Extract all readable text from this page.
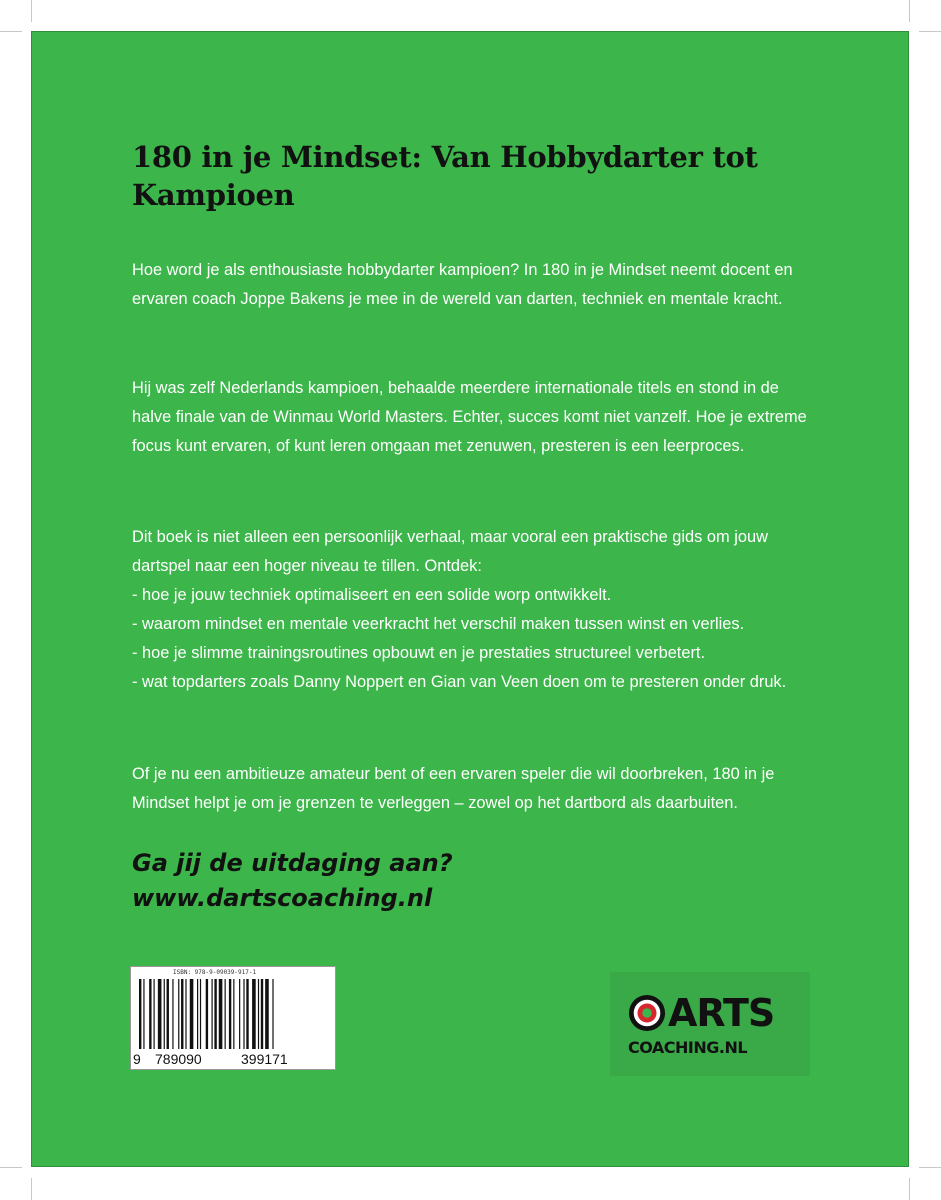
180 in je Mindset: Van Hobbydarter tot Kampioen

Hoe word je als enthousiaste hobbydarter kampioen? In 180 in je Mindset neemt docent en ervaren coach Joppe Bakens je mee in de wereld van darten, techniek en mentale kracht.

Hij was zelf Nederlands kampioen, behaalde meerdere internationale titels en stond in de halve finale van de Winmau World Masters. Echter, succes komt niet vanzelf. Hoe je extreme focus kunt ervaren, of kunt leren omgaan met zenuwen, presteren is een leerproces.

Dit boek is niet alleen een persoonlijk verhaal, maar vooral een praktische gids om jouw dartspel naar een hoger niveau te tillen. Ontdek:
- hoe je jouw techniek optimaliseert en een solide worp ontwikkelt.
- waarom mindset en mentale veerkracht het verschil maken tussen winst en verlies.
- hoe je slimme trainingsroutines opbouwt en je prestaties structureel verbetert.
- wat topdarters zoals Danny Noppert en Gian van Veen doen om te presteren onder druk.

Of je nu een ambitieuze amateur bent of een ervaren speler die wil doorbreken, 180 in je Mindset helpt je om je grenzen te verleggen – zowel op het dartbord als daarbuiten.

Ga jij de uitdaging aan?
www.dartscoaching.nl
ISBN: 978-9-09039-917-1
9	789090	399171
ARTS
COACHING.NL
